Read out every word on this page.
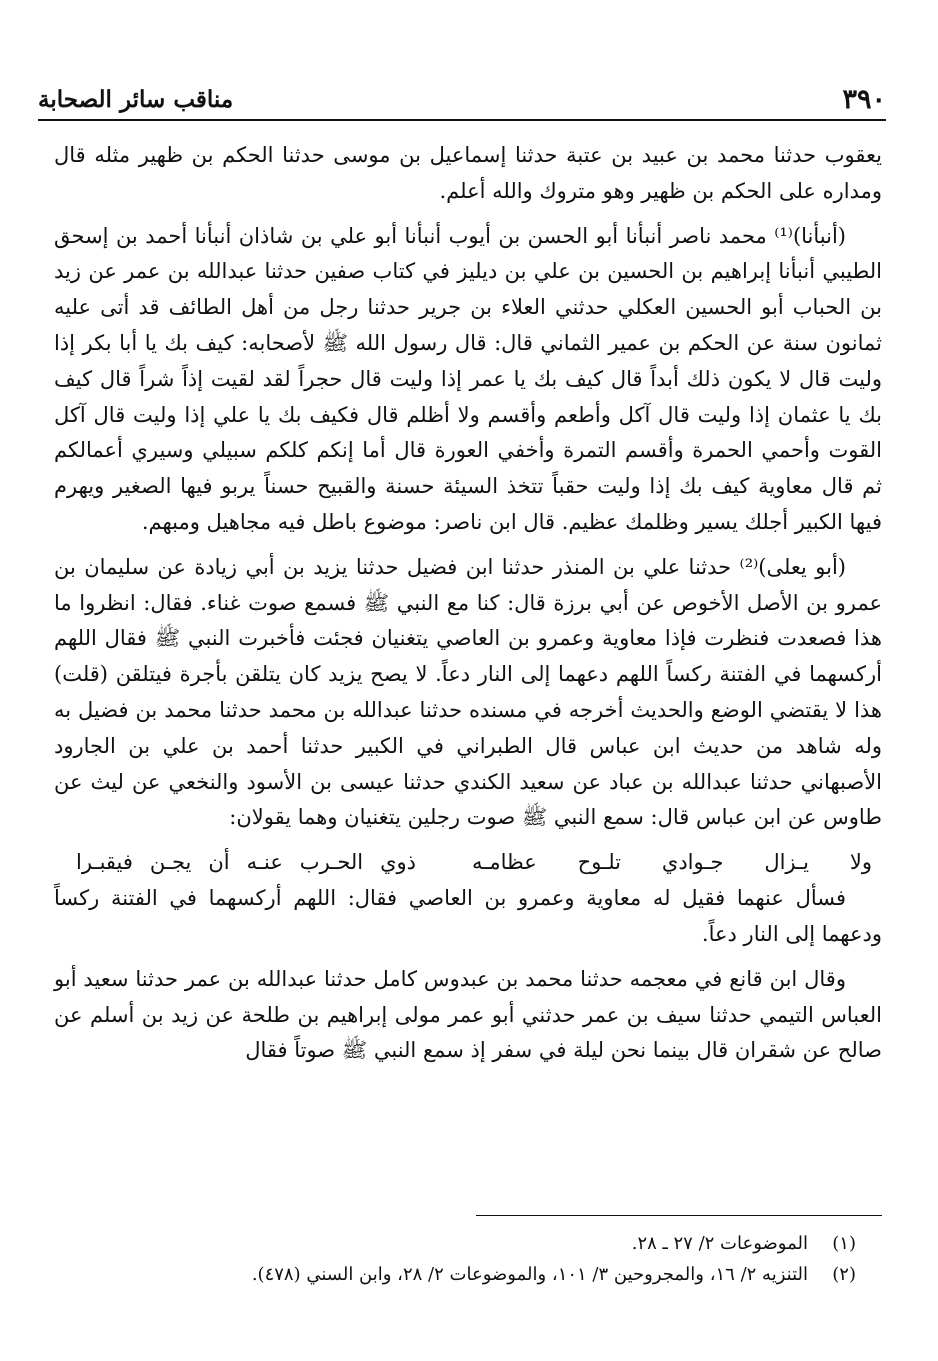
٣٩٠
مناقب سائر الصحابة

يعقوب حدثنا محمد بن عبيد بن عتبة حدثنا إسماعيل بن موسى حدثنا الحكم بن ظهير مثله قال ومداره على الحكم بن ظهير وهو متروك والله أعلم.

(أنبأنا)⁽¹⁾ محمد ناصر أنبأنا أبو الحسن بن أيوب أنبأنا أبو علي بن شاذان أنبأنا أحمد بن إسحق الطيبي أنبأنا إبراهيم بن الحسين بن علي بن ديليز في كتاب صفين حدثنا عبدالله بن عمر عن زيد بن الحباب أبو الحسين العكلي حدثني العلاء بن جرير حدثنا رجل من أهل الطائف قد أتى عليه ثمانون سنة عن الحكم بن عمير الثماني قال: قال رسول الله ﷺ لأصحابه: كيف بك يا أبا بكر إذا وليت قال لا يكون ذلك أبداً قال كيف بك يا عمر إذا وليت قال حجراً لقد لقيت إذاً شراً قال كيف بك يا عثمان إذا وليت قال آكل وأطعم وأقسم ولا أظلم قال فكيف بك يا علي إذا وليت قال آكل القوت وأحمي الحمرة وأقسم التمرة وأخفي العورة قال أما إنكم كلكم سبيلي وسيري أعمالكم ثم قال معاوية كيف بك إذا وليت حقباً تتخذ السيئة حسنة والقبيح حسناً يربو فيها الصغير ويهرم فيها الكبير أجلك يسير وظلمك عظيم. قال ابن ناصر: موضوع باطل فيه مجاهيل ومبهم.

(أبو يعلى)⁽²⁾ حدثنا علي بن المنذر حدثنا ابن فضيل حدثنا يزيد بن أبي زيادة عن سليمان بن عمرو بن الأصل الأخوص عن أبي برزة قال: كنا مع النبي ﷺ فسمع صوت غناء. فقال: انظروا ما هذا فصعدت فنظرت فإذا معاوية وعمرو بن العاصي يتغنيان فجئت فأخبرت النبي ﷺ فقال اللهم أركسهما في الفتنة ركساً اللهم دعهما إلى النار دعاً. لا يصح يزيد كان يتلقن بأجرة فيتلقن (قلت) هذا لا يقتضي الوضع والحديث أخرجه في مسنده حدثنا عبدالله بن محمد حدثنا محمد بن فضيل به وله شاهد من حديث ابن عباس قال الطبراني في الكبير حدثنا أحمد بن علي بن الجارود الأصبهاني حدثنا عبدالله بن عباد عن سعيد الكندي حدثنا عيسى بن الأسود والنخعي عن ليث عن طاوس عن ابن عباس قال: سمع النبي ﷺ صوت رجلين يتغنيان وهما يقولان:

ولا يـزال جـوادي تلـوح عظامـه
ذوي الحـرب عنـه أن يجـن فيقبـرا

فسأل عنهما فقيل له معاوية وعمرو بن العاصي فقال: اللهم أركسهما في الفتنة ركساً ودعهما إلى النار دعاً.

وقال ابن قانع في معجمه حدثنا محمد بن عبدوس كامل حدثنا عبدالله بن عمر حدثنا سعيد أبو العباس التيمي حدثنا سيف بن عمر حدثني أبو عمر مولى إبراهيم بن طلحة عن زيد بن أسلم عن صالح عن شقران قال بينما نحن ليلة في سفر إذ سمع النبي ﷺ صوتاً فقال

(١)
الموضوعات ٢/ ٢٧ ـ ٢٨.
(٢)
التنزيه ٢/ ١٦، والمجروحين ٣/ ١٠١، والموضوعات ٢/ ٢٨، وابن السني (٤٧٨).
